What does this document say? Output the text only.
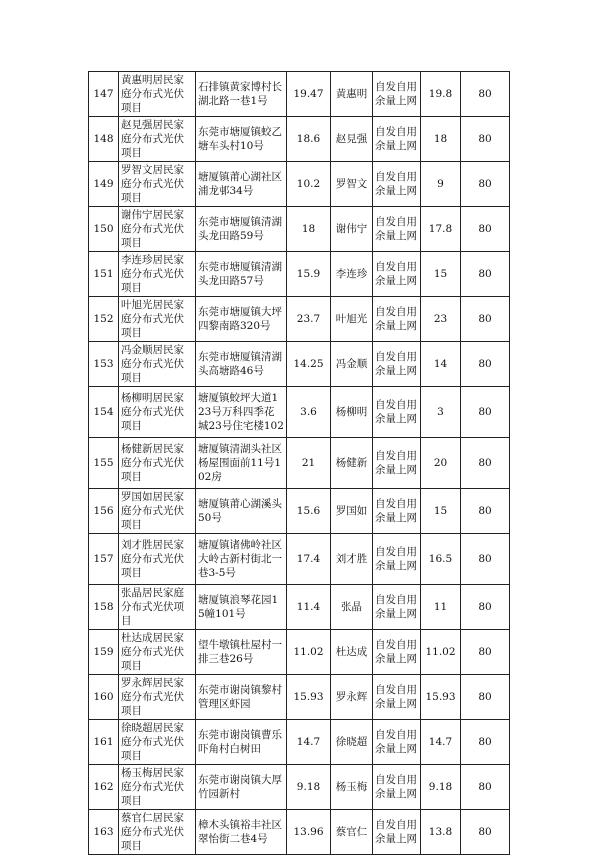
147	黄惠明居民家庭分布式光伏项目	石排镇黄家博村长湖北路一巷1号	19.47	黄惠明	自发自用余量上网	19.8	80
148	赵見强居民家庭分布式光伏项目	东莞市塘厦镇蛟乙塘车头村10号	18.6	赵見强	自发自用余量上网	18	80
149	罗智文居民家庭分布式光伏项目	塘厦镇莆心湖社区浦龙邨34号	10.2	罗智文	自发自用余量上网	9	80
150	谢伟宁居民家庭分布式光伏项目	东莞市塘厦镇清湖头龙田路59号	18	谢伟宁	自发自用余量上网	17.8	80
151	李连珍居民家庭分布式光伏项目	东莞市塘厦镇清湖头龙田路57号	15.9	李连珍	自发自用余量上网	15	80
152	叶旭光居民家庭分布式光伏项目	东莞市塘厦镇大坪四黎南路320号	23.7	叶旭光	自发自用余量上网	23	80
153	冯金顺居民家庭分布式光伏项目	东莞市塘厦镇清湖头高塘路46号	14.25	冯金顺	自发自用余量上网	14	80
154	杨柳明居民家庭分布式光伏项目	塘厦镇蛟坪大道123号万科四季花城23号住宅楼102	3.6	杨柳明	自发自用余量上网	3	80
155	杨健新居民家庭分布式光伏项目	塘厦镇清湖头社区杨屋围面前11号102房	21	杨健新	自发自用余量上网	20	80
156	罗国如居民家庭分布式光伏项目	塘厦镇莆心湖溪头50号	15.6	罗国如	自发自用余量上网	15	80
157	刘才胜居民家庭分布式光伏项目	塘厦镇诸佛岭社区大岭古新村街北一巷3-5号	17.4	刘才胜	自发自用余量上网	16.5	80
158	张晶居民家庭分布式光伏项目	塘厦镇浪琴花园15幢101号	11.4	张晶	自发自用余量上网	11	80
159	杜达成居民家庭分布式光伏项目	望牛墩镇杜屋村一排三巷26号	11.02	杜达成	自发自用余量上网	11.02	80
160	罗永辉居民家庭分布式光伏项目	东莞市谢岗镇黎村管理区虾园	15.93	罗永辉	自发自用余量上网	15.93	80
161	徐晓超居民家庭分布式光伏项目	东莞市谢岗镇曹乐吓角村白树田	14.7	徐晓超	自发自用余量上网	14.7	80
162	杨玉梅居民家庭分布式光伏项目	东莞市谢岗镇大厚竹园新村	9.18	杨玉梅	自发自用余量上网	9.18	80
163	蔡官仁居民家庭分布式光伏项目	樟木头镇裕丰社区翠怡街二巷4号	13.96	蔡官仁	自发自用余量上网	13.8	80
